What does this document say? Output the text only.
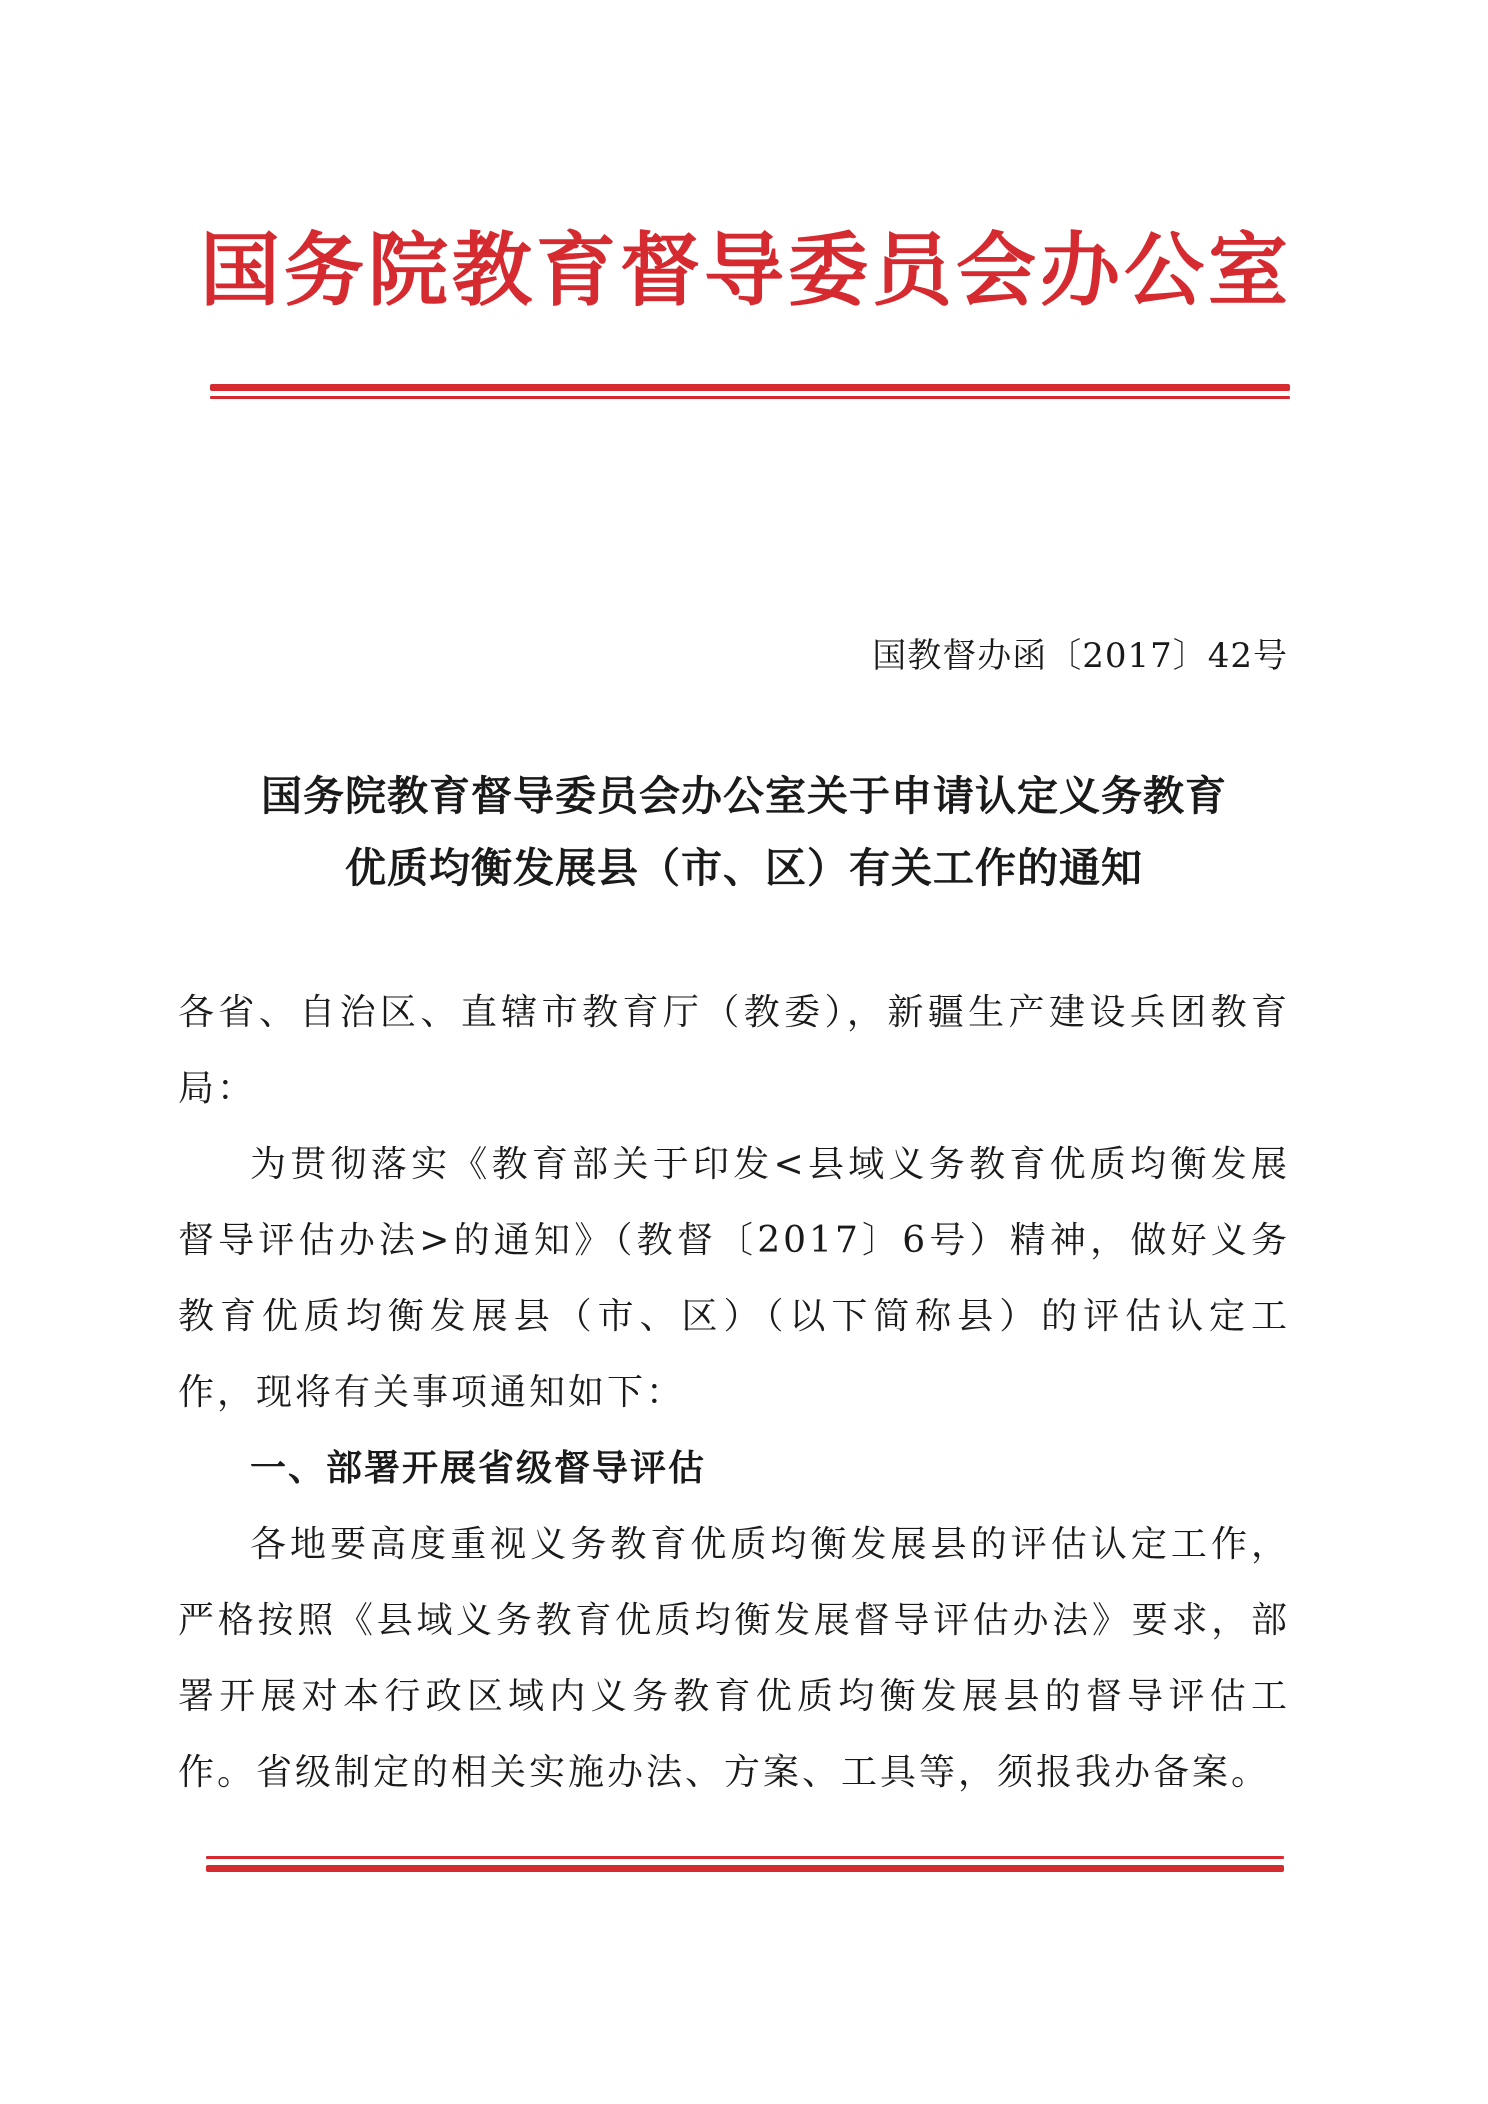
国务院教育督导委员会办公室
国教督办函〔2017〕42号
国务院教育督导委员会办公室关于申请认定义务教育
优质均衡发展县（市、区）有关工作的通知

各省、自治区、直辖市教育厅（教委），新疆生产建设兵团教育局：

为贯彻落实《教育部关于印发<县域义务教育优质均衡发展督导评估办法>的通知》（教督〔2017〕6号）精神，做好义务教育优质均衡发展县（市、区）（以下简称县）的评估认定工作，现将有关事项通知如下：

一、部署开展省级督导评估

各地要高度重视义务教育优质均衡发展县的评估认定工作，严格按照《县域义务教育优质均衡发展督导评估办法》要求，部署开展对本行政区域内义务教育优质均衡发展县的督导评估工作。省级制定的相关实施办法、方案、工具等，须报我办备案。
